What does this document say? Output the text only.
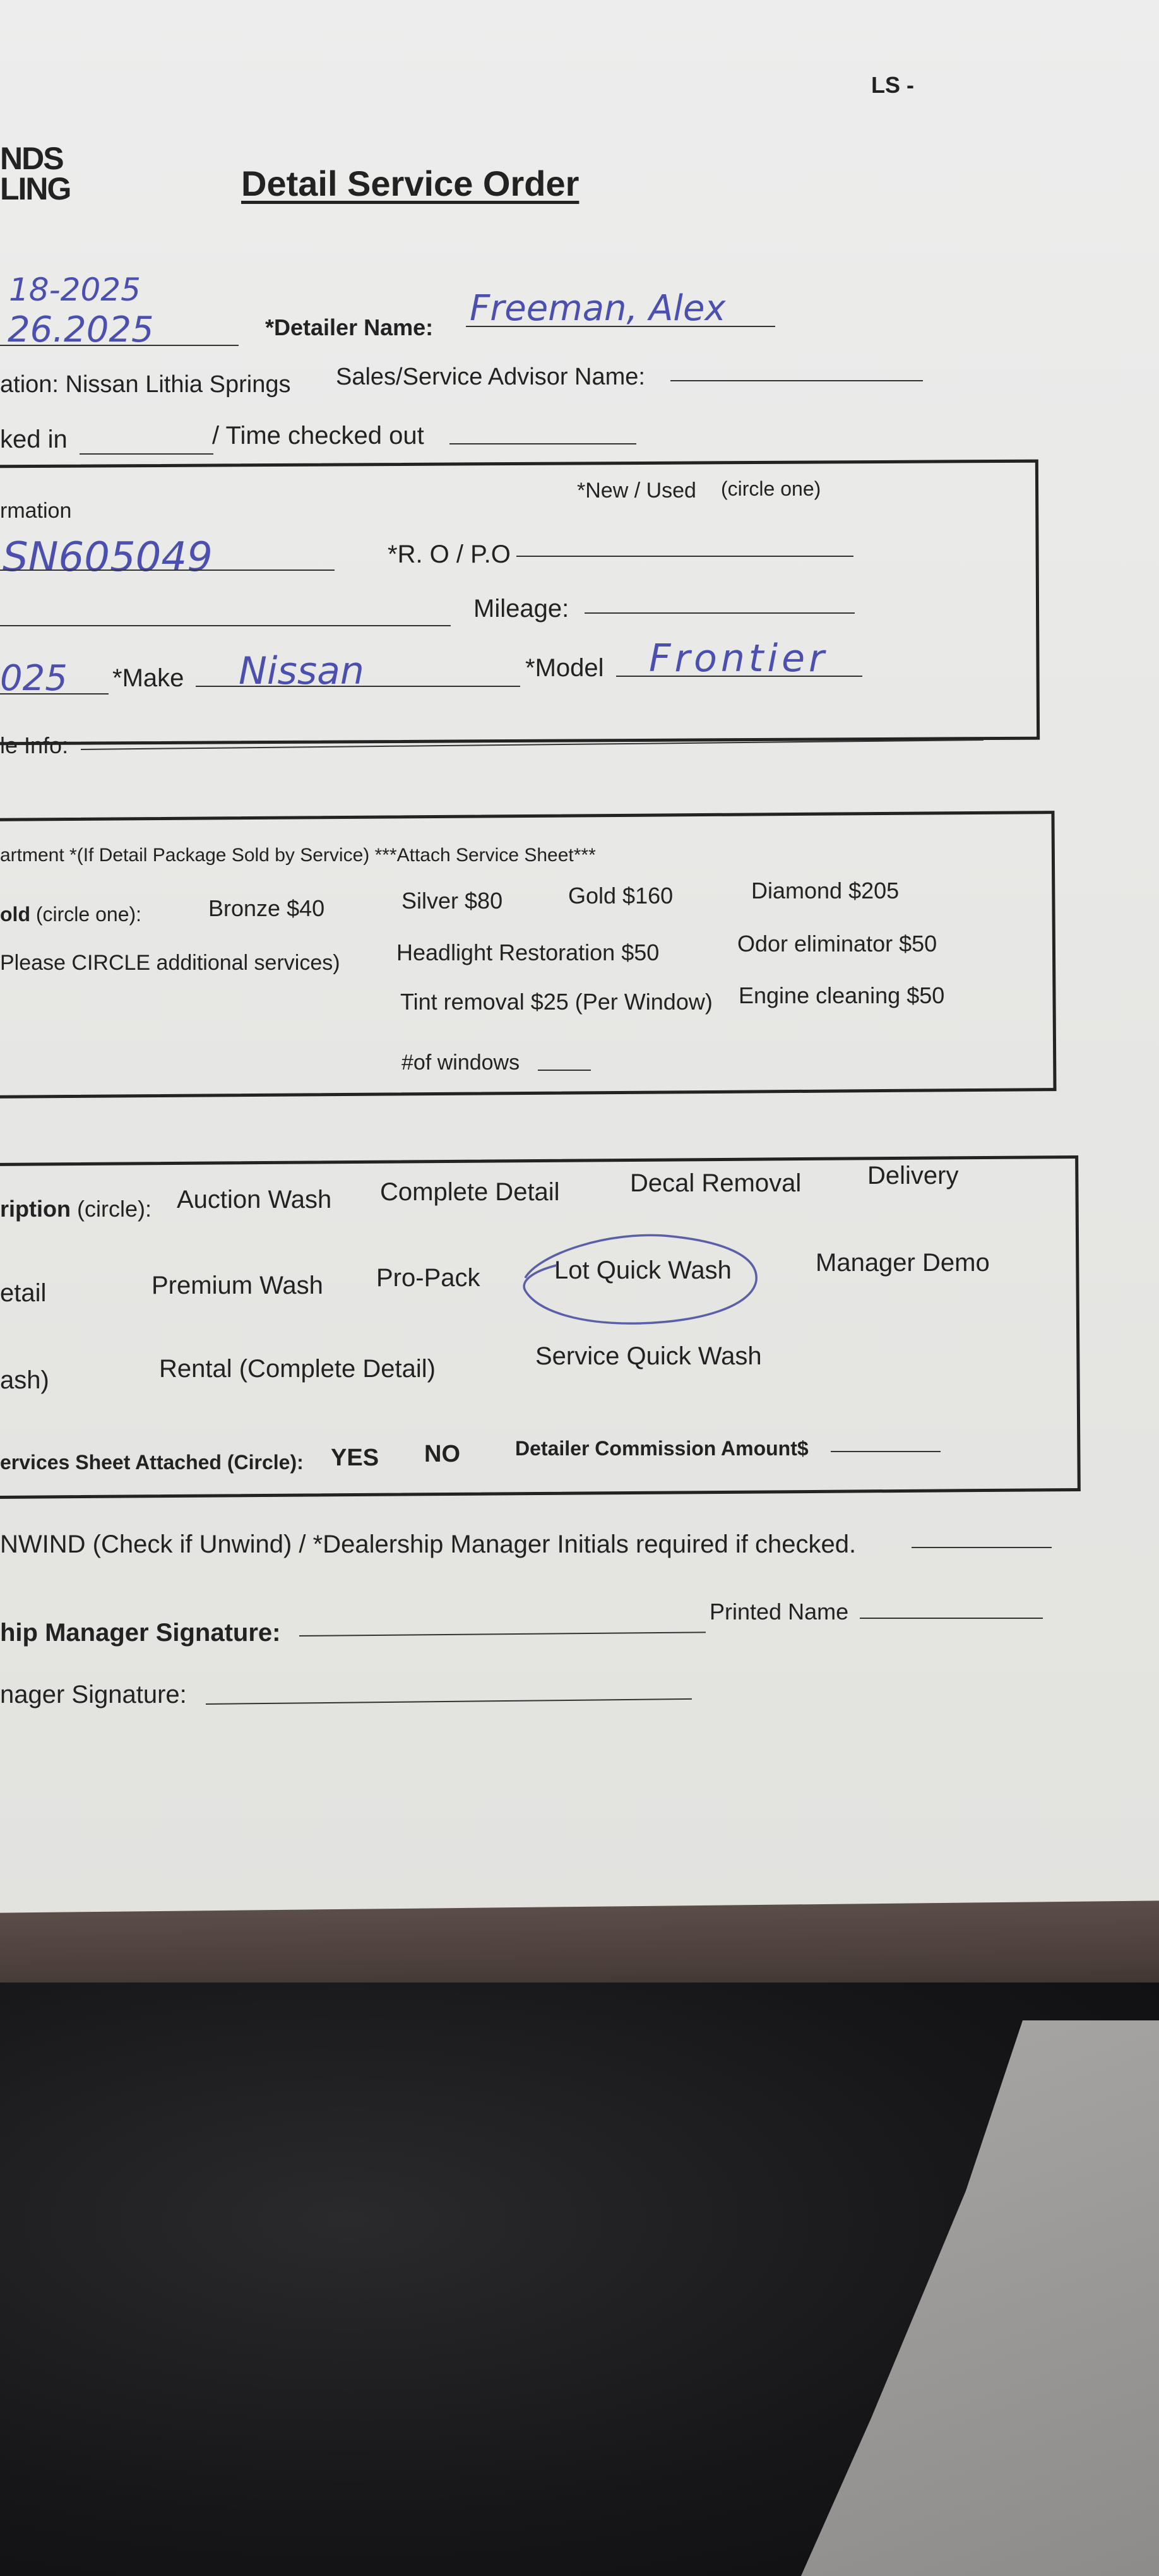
LS -
NDS
LING	Detail Service Order
18-2025
26.2025	*Detailer Name: Freeman, Alex
ation: Nissan Lithia Springs Sales/Service Advisor Name:
ked in	/ Time checked out
rmation
*New / Used (circle one)
SN605049	*R. O / P.O
Mileage:
025 *Make Nissan	*Model Frontier
le Info:
artment *(If Detail Package Sold by Service) ***Attach Service Sheet***
old (circle one):	Bronze $40	Silver $80	Gold $160	Diamond $205
Please CIRCLE additional services) Headlight Restoration $50	Odor eliminator $50
Tint removal $25 (Per Window) Engine cleaning $50
#of windows
ription (circle): Auction Wash Complete Detail	Decal Removal	Delivery
etail	Premium Wash Pro-Pack	Lot Quick Wash	Manager Demo
ash)	Rental (Complete Detail)	Service Quick Wash
ervices Sheet Attached (Circle): YES NO	Detailer Commission Amount$
NWIND (Check if Unwind) / *Dealership Manager Initials required if checked.
hip Manager Signature:
Printed Name
nager Signature:
